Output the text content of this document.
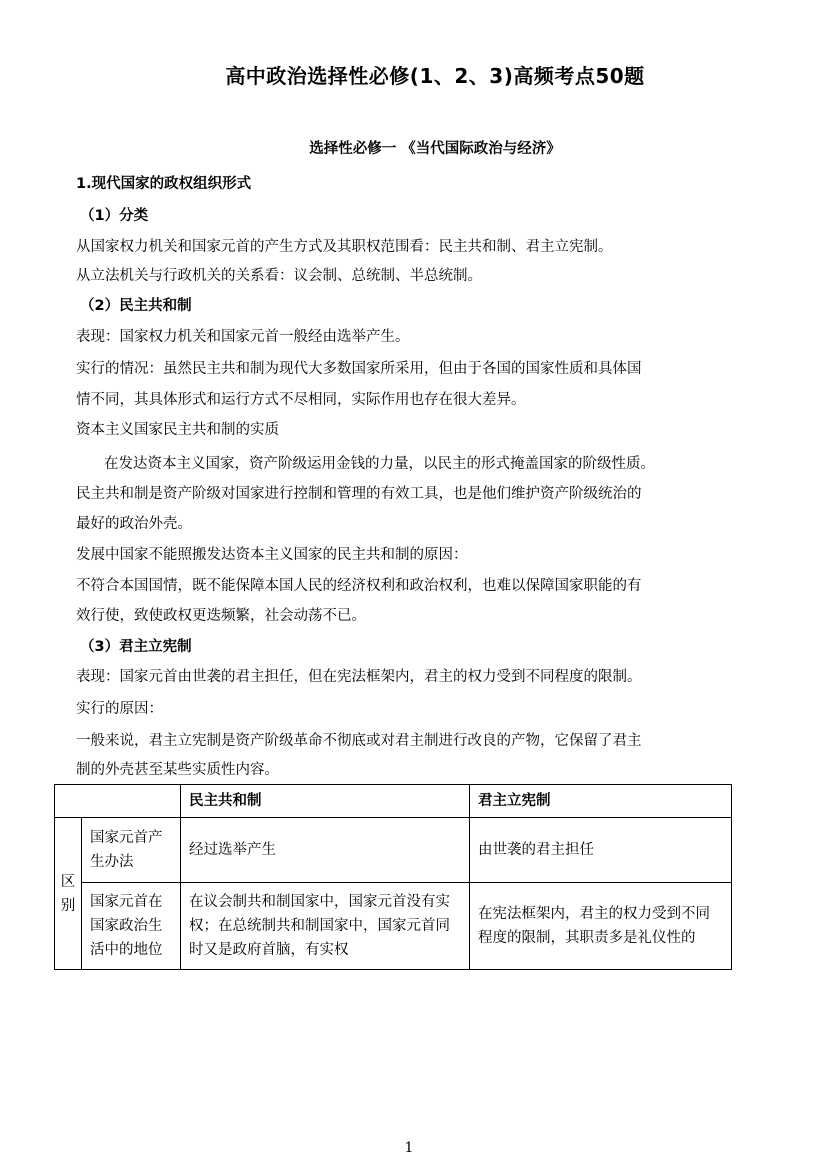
高中政治选择性必修(1、2、3)高频考点50题
选择性必修一 《当代国际政治与经济》
1.现代国家的政权组织形式
（1）分类
从国家权力机关和国家元首的产生方式及其职权范围看：民主共和制、君主立宪制。
从立法机关与行政机关的关系看：议会制、总统制、半总统制。
（2）民主共和制
表现：国家权力机关和国家元首一般经由选举产生。
实行的情况：虽然民主共和制为现代大多数国家所采用，但由于各国的国家性质和具体国
情不同，其具体形式和运行方式不尽相同，实际作用也存在很大差异。
资本主义国家民主共和制的实质
在发达资本主义国家，资产阶级运用金钱的力量，以民主的形式掩盖国家的阶级性质。
民主共和制是资产阶级对国家进行控制和管理的有效工具，也是他们维护资产阶级统治的
最好的政治外壳。
发展中国家不能照搬发达资本主义国家的民主共和制的原因：
不符合本国国情，既不能保障本国人民的经济权利和政治权利，也难以保障国家职能的有
效行使，致使政权更迭频繁，社会动荡不已。
（3）君主立宪制
表现：国家元首由世袭的君主担任，但在宪法框架内，君主的权力受到不同程度的限制。
实行的原因：
一般来说，君主立宪制是资产阶级革命不彻底或对君主制进行改良的产物，它保留了君主
制的外壳甚至某些实质性内容。
		民主共和制	君主立宪制

区
别	国家元首产生办法	经过选举产生	由世袭的君主担任
	国家元首在国家政治生活中的地位	在议会制共和制国家中，国家元首没有实权；在总统制共和制国家中，国家元首同时又是政府首脑，有实权	在宪法框架内，君主的权力受到不同程度的限制，其职责多是礼仪性的
1
